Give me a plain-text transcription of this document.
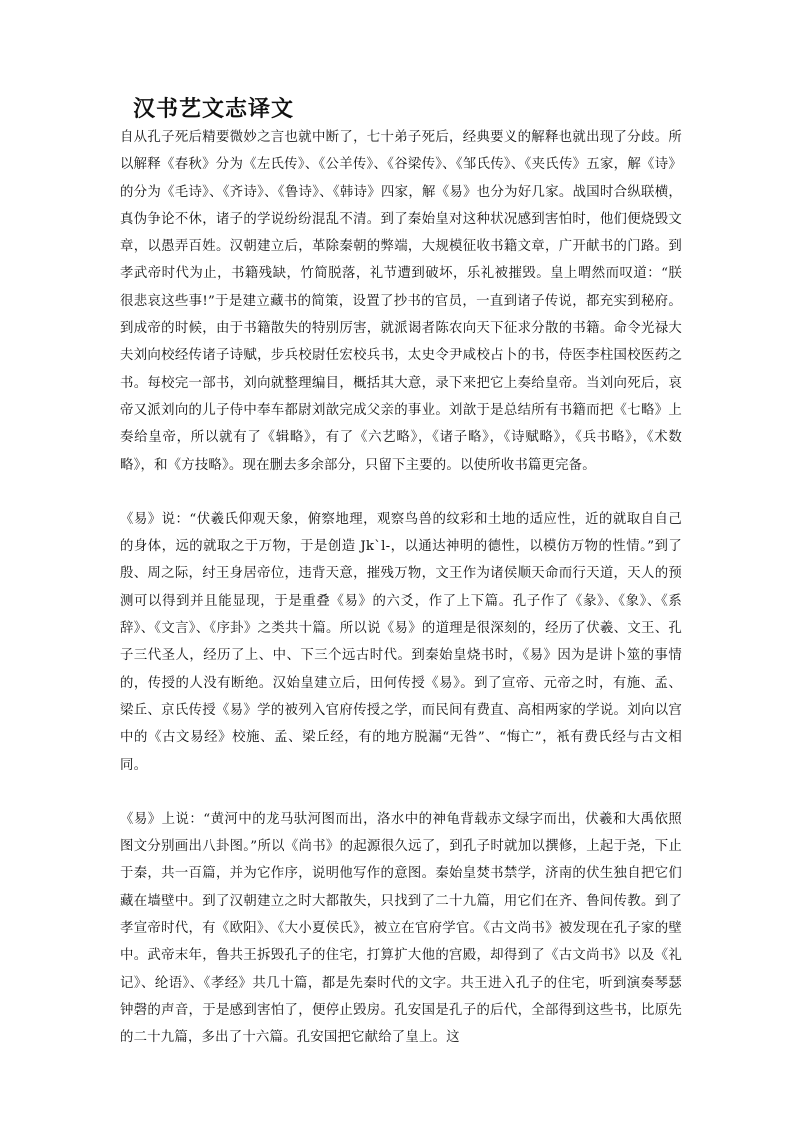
汉书艺文志译文

自从孔子死后精要微妙之言也就中断了，七十弟子死后，经典要义的解释也就出现了分歧。所以解释《春秋》分为《左氏传》、《公羊传》、《谷梁传》、《邹氏传》、《夹氏传》五家，解《诗》的分为《毛诗》、《齐诗》、《鲁诗》、《韩诗》四家，解《易》也分为好几家。战国时合纵联横，真伪争论不休，诸子的学说纷纷混乱不清。到了秦始皇对这种状况感到害怕时，他们便烧毁文章，以愚弄百姓。汉朝建立后，革除秦朝的弊端，大规模征收书籍文章，广开献书的门路。到孝武帝时代为止，书籍残缺，竹简脱落，礼节遭到破坏，乐礼被摧毁。皇上喟然而叹道：“朕很悲哀这些事!”于是建立藏书的简策，设置了抄书的官员，一直到诸子传说，都充实到秘府。到成帝的时候，由于书籍散失的特别厉害，就派谒者陈农向天下征求分散的书籍。命令光禄大夫刘向校经传诸子诗赋，步兵校尉任宏校兵书，太史令尹咸校占卜的书，侍医李柱国校医药之书。每校完一部书，刘向就整理编目，概括其大意，录下来把它上奏给皇帝。当刘向死后，哀帝又派刘向的儿子侍中奉车都尉刘歆完成父亲的事业。刘歆于是总结所有书籍而把《七略》上奏给皇帝，所以就有了《辑略》，有了《六艺略》，《诸子略》，《诗赋略》，《兵书略》，《术数略》，和《方技略》。现在删去多余部分，只留下主要的。以使所收书篇更完备。

《易》说：“伏羲氏仰观天象，俯察地理，观察鸟兽的纹彩和土地的适应性，近的就取自自己的身体，远的就取之于万物，于是创造 Jk`l-，以通达神明的德性，以模仿万物的性情。”到了殷、周之际，纣王身居帝位，违背天意，摧残万物，文王作为诸侯顺天命而行天道，天人的预测可以得到并且能显现，于是重叠《易》的六爻，作了上下篇。孔子作了《彖》、《象》、《系辞》、《文言》、《序卦》之类共十篇。所以说《易》的道理是很深刻的，经历了伏羲、文王、孔子三代圣人，经历了上、中、下三个远古时代。到秦始皇烧书时，《易》因为是讲卜筮的事情的，传授的人没有断绝。汉始皇建立后，田何传授《易》。到了宣帝、元帝之时，有施、孟、梁丘、京氏传授《易》学的被列入官府传授之学，而民间有费直、高相两家的学说。刘向以宫中的《古文易经》校施、孟、梁丘经，有的地方脱漏“无咎”、“悔亡”，衹有费氏经与古文相同。

《易》上说：“黄河中的龙马驮河图而出，洛水中的神龟背载赤文绿字而出，伏羲和大禹依照图文分别画出八卦图。”所以《尚书》的起源很久远了，到孔子时就加以撰修，上起于尧，下止于秦，共一百篇，并为它作序，说明他写作的意图。秦始皇焚书禁学，济南的伏生独自把它们藏在墙壁中。到了汉朝建立之时大都散失，只找到了二十九篇，用它们在齐、鲁间传教。到了孝宣帝时代，有《欧阳》、《大小夏侯氏》，被立在官府学官。《古文尚书》被发现在孔子家的壁中。武帝末年，鲁共王拆毁孔子的住宅，打算扩大他的宫殿，却得到了《古文尚书》以及《礼记》、纶语》、《孝经》共几十篇，都是先秦时代的文字。共王进入孔子的住宅，听到演奏琴瑟钟磬的声音，于是感到害怕了，便停止毁房。孔安国是孔子的后代，全部得到这些书，比原先的二十九篇，多出了十六篇。孔安国把它献给了皇上。这
